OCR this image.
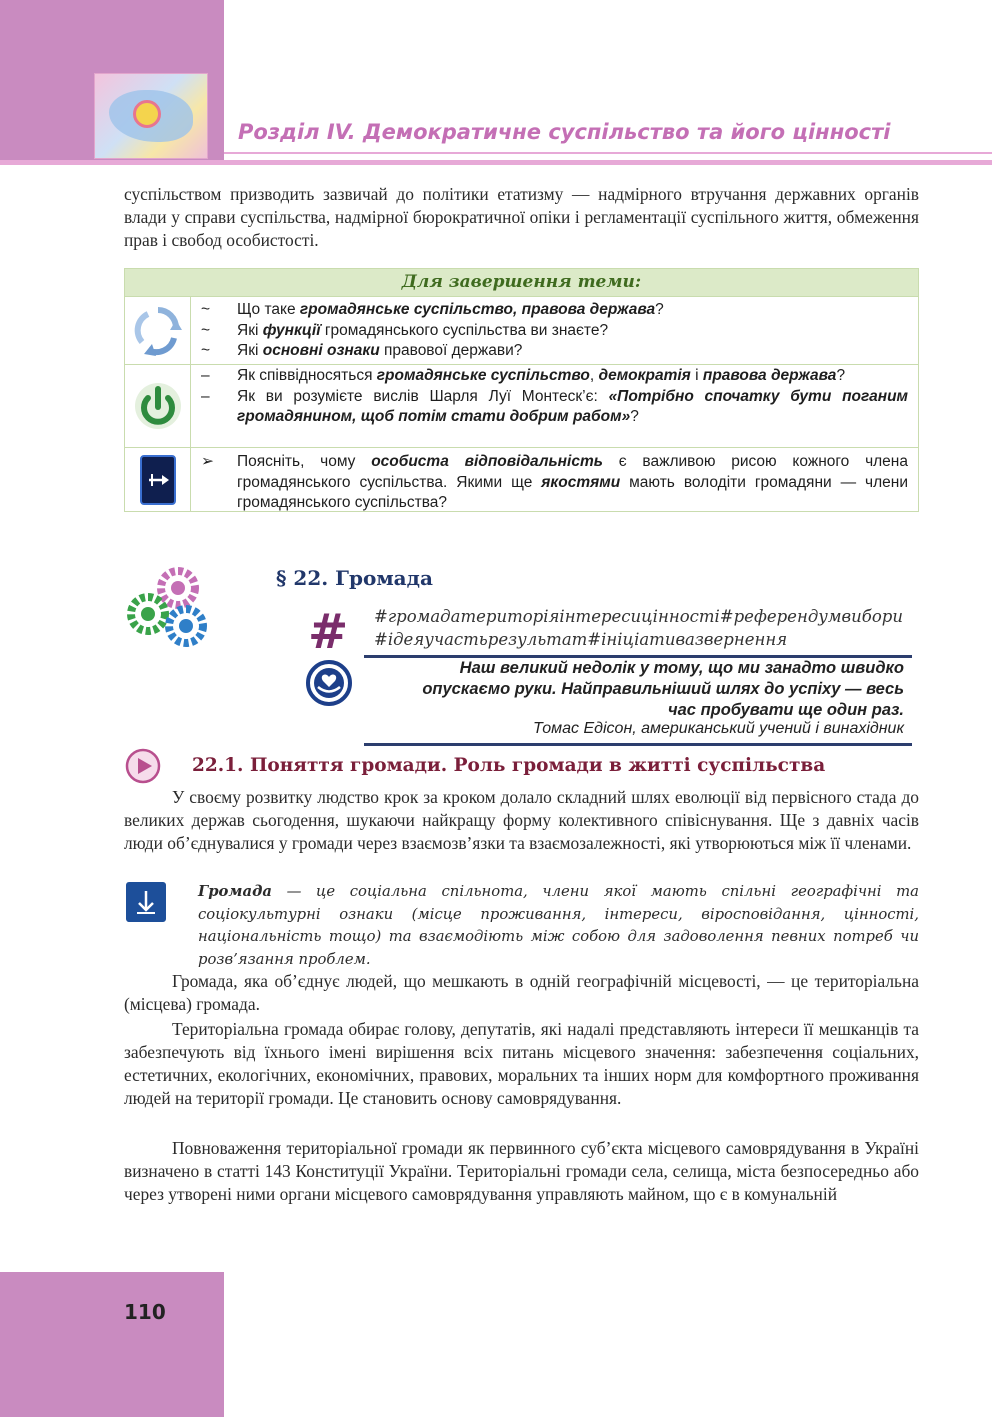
Розділ IV. Демократичне суспільство та його цінності
суспільством призводить зазвичай до політики етатизму — надмірного втручання державних органів влади у справи суспільства, надмірної бюрократичної опіки і регламентації суспільного життя, обмеження прав і свобод особистості.
Для завершення теми:
~	Що таке громадянське суспільство, правова держава?
~	Які функції громадянського суспільства ви знаєте?
~	Які основні ознаки правової держави?
–	Як співвідносяться громадянське суспільство, демократія і правова держава?
–	Як ви розумієте вислів Шарля Луї Монтеск’є: «Потрібно спочатку бути поганим громадянином, щоб потім стати добрим рабом»?
➢	Поясніть, чому особиста відповідальність є важливою рисою кожного члена громадянського суспільства. Якими ще якостями мають володіти громадяни — члени громадянського суспільства?
§ 22. Громада
# #громадатериторіяінтересицінності#референдумвибори
#ідеяучастьрезультат#ініціативазвернення
Наш великий недолік у тому, що ми занадто швидко
опускаємо руки. Найправильніший шлях до успіху — весь
час пробувати ще один раз.
Томас Едісон, американський учений і винахідник
22.1. Поняття громади. Роль громади в житті суспільства
У своєму розвитку людство крок за кроком долало складний шлях еволюції від первісного стада до великих держав сьогодення, шукаючи найкращу форму колективного співіснування. Ще з давніх часів люди об’єднувалися у громади через взаємозв’язки та взаємозалежності, які утворюються між її членами.
Громада — це соціальна спільнота, члени якої мають спільні географічні та соціокультурні ознаки (місце проживання, інтереси, віросповідання, цінності, національність тощо) та взаємодіють між собою для задоволення певних потреб чи розв’язання проблем.
Громада, яка об’єднує людей, що мешкають в одній географічній місцевості, — це територіальна (місцева) громада.
Територіальна громада обирає голову, депутатів, які надалі представляють інтереси її мешканців та забезпечують від їхнього імені вирішення всіх питань місцевого значення: забезпечення соціальних, естетичних, екологічних, економічних, правових, моральних та інших норм для комфортного проживання людей на території громади. Це становить основу самоврядування.
Повноваження територіальної громади як первинного суб’єкта місцевого самоврядування в Україні визначено в статті 143 Конституції України. Територіальні громади села, селища, міста безпосередньо або через утворені ними органи місцевого самоврядування управляють майном, що є в комунальній
110
